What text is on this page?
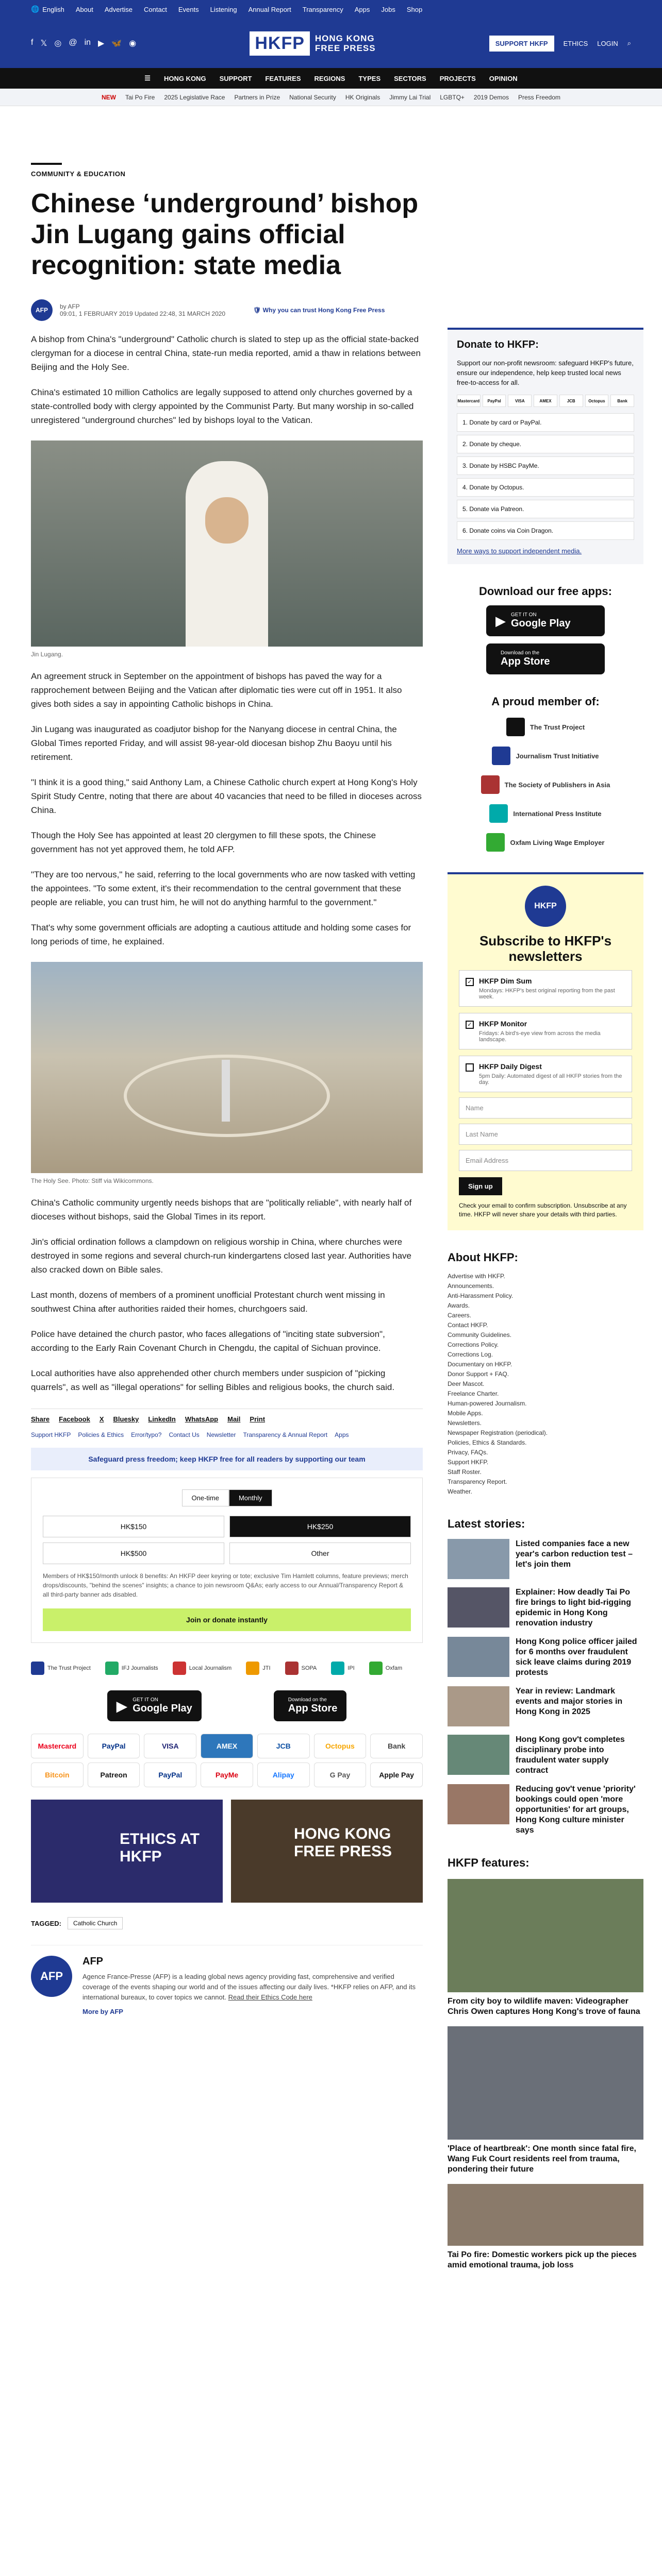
🌐 English About Advertise Contact Events Listening Annual Report Transparency Apps Jobs Shop
f 𝕏 ◎ @ in ▶ 🦋 ◉	HKFP	HONG KONG
FREE PRESS	SUPPORT HKFP	ETHICS LOGIN ⌕
☰ HONG KONG SUPPORT FEATURES REGIONS TYPES SECTORS PROJECTS OPINION
NEW Tai Po Fire 2025 Legislative Race Partners in Prize National Security HK Originals Jimmy Lai Trial LGBTQ+ 2019 Demos Press Freedom
COMMUNITY & EDUCATION
Chinese ‘underground’ bishop Jin Lugang gains official recognition: state media
AFP	by AFP
09:01, 1 FEBRUARY 2019 Updated 22:48, 31 MARCH 2020	🛡 Why you can trust Hong Kong Free Press

A bishop from China's "underground" Catholic church is slated to step up as the official state-backed clergyman for a diocese in central China, state-run media reported, amid a thaw in relations between Beijing and the Holy See.

China's estimated 10 million Catholics are legally supposed to attend only churches governed by a state-controlled body with clergy appointed by the Communist Party. But many worship in so-called unregistered "underground churches" led by bishops loyal to the Vatican.

Jin Lugang.

An agreement struck in September on the appointment of bishops has paved the way for a rapprochement between Beijing and the Vatican after diplomatic ties were cut off in 1951. It also gives both sides a say in appointing Catholic bishops in China.

Jin Lugang was inaugurated as coadjutor bishop for the Nanyang diocese in central China, the Global Times reported Friday, and will assist 98-year-old diocesan bishop Zhu Baoyu until his retirement.

"I think it is a good thing," said Anthony Lam, a Chinese Catholic church expert at Hong Kong's Holy Spirit Study Centre, noting that there are about 40 vacancies that need to be filled in dioceses across China.

Though the Holy See has appointed at least 20 clergymen to fill these spots, the Chinese government has not yet approved them, he told AFP.

"They are too nervous," he said, referring to the local governments who are now tasked with vetting the appointees. "To some extent, it's their recommendation to the central government that these people are reliable, you can trust him, he will not do anything harmful to the government."

That's why some government officials are adopting a cautious attitude and holding some cases for long periods of time, he explained.

The Holy See. Photo: Stiff via Wikicommons.

China's Catholic community urgently needs bishops that are "politically reliable", with nearly half of dioceses without bishops, said the Global Times in its report.

Jin's official ordination follows a clampdown on religious worship in China, where churches were destroyed in some regions and several church-run kindergartens closed last year. Authorities have also cracked down on Bible sales.

Last month, dozens of members of a prominent unofficial Protestant church went missing in southwest China after authorities raided their homes, churchgoers said.

Police have detained the church pastor, who faces allegations of "inciting state subversion", according to the Early Rain Covenant Church in Chengdu, the capital of Sichuan province.

Local authorities have also apprehended other church members under suspicion of "picking quarrels", as well as "illegal operations" for selling Bibles and religious books, the church said.

Share Facebook X Bluesky LinkedIn WhatsApp Mail Print
Support HKFP Policies & Ethics Error/typo? Contact Us Newsletter Transparency & Annual Report Apps
Safeguard press freedom; keep HKFP free for all readers by supporting our team
One-time	Monthly
HK$150	HK$250
HK$500	Other
Members of HK$150/month unlock 8 benefits: An HKFP deer keyring or tote; exclusive Tim Hamlett columns, feature previews; merch drops/discounts, "behind the scenes" insights; a chance to join newsroom Q&As; early access to our Annual/Transparency Report & all third-party banner ads disabled.
Join or donate instantly
The Trust Project	IFJ Journalists	Local Journalism	JTI	SOPA	IPI	Oxfam
▶ GET IT ON
Google Play
Download on the
App Store
Mastercard	PayPal	VISA	AMEX	JCB	Octopus	Bank
Bitcoin	Patreon	PayPal	PayMe	Alipay	G Pay	Apple Pay
ETHICS AT HKFP
HONG KONG FREE PRESS
TAGGED:	Catholic Church
AFP
AFP

Agence France-Presse (AFP) is a leading global news agency providing fast, comprehensive and verified coverage of the events shaping our world and of the issues affecting our daily lives. *HKFP relies on AFP, and its international bureaux, to cover topics we cannot. Read their Ethics Code here

More by AFP

Donate to HKFP:
Support our non-profit newsroom: safeguard HKFP's future, ensure our independence, help keep trusted local news free-to-access for all.
Mastercard	PayPal	VISA	AMEX	JCB	Octopus	Bank
1. Donate by card or PayPal.
2. Donate by cheque.
3. Donate by HSBC PayMe.
4. Donate by Octopus.
5. Donate via Patreon.
6. Donate coins via Coin Dragon.
More ways to support independent media.
Download our free apps:
▶ GET IT ON
Google Play
Download on the
App Store
A proud member of:
The Trust Project
Journalism Trust Initiative
The Society of Publishers in Asia
International Press Institute
Oxfam Living Wage Employer
HKFP
Subscribe to HKFP's newsletters
✓ HKFP Dim Sum

Mondays: HKFP's best original reporting from the past week.

✓ HKFP Monitor

Fridays: A bird's-eye view from across the media landscape.

HKFP Daily Digest

5pm Daily: Automated digest of all HKFP stories from the day.

Name
Last Name
Email Address
Sign up
Check your email to confirm subscription. Unsubscribe at any time. HKFP will never share your details with third parties.
About HKFP:
Advertise with HKFP.
Announcements.
Anti-Harassment Policy.
Awards.
Careers.
Contact HKFP.
Community Guidelines.
Corrections Policy.
Corrections Log.
Documentary on HKFP.
Donor Support + FAQ.
Deer Mascot.
Freelance Charter.
Human-powered Journalism.
Mobile Apps.
Newsletters.
Newspaper Registration (periodical).
Policies, Ethics & Standards.
Privacy, FAQs.
Support HKFP.
Staff Roster.
Transparency Report.
Weather.
Latest stories:
Listed companies face a new year's carbon reduction test – let's join them
Explainer: How deadly Tai Po fire brings to light bid-rigging epidemic in Hong Kong renovation industry
Hong Kong police officer jailed for 6 months over fraudulent sick leave claims during 2019 protests
Year in review: Landmark events and major stories in Hong Kong in 2025
Hong Kong gov't completes disciplinary probe into fraudulent water supply contract
Reducing gov't venue 'priority' bookings could open 'more opportunities' for art groups, Hong Kong culture minister says
HKFP features:
From city boy to wildlife maven: Videographer Chris Owen captures Hong Kong's trove of fauna
'Place of heartbreak': One month since fatal fire, Wang Fuk Court residents reel from trauma, pondering their future
Tai Po fire: Domestic workers pick up the pieces amid emotional trauma, job loss
